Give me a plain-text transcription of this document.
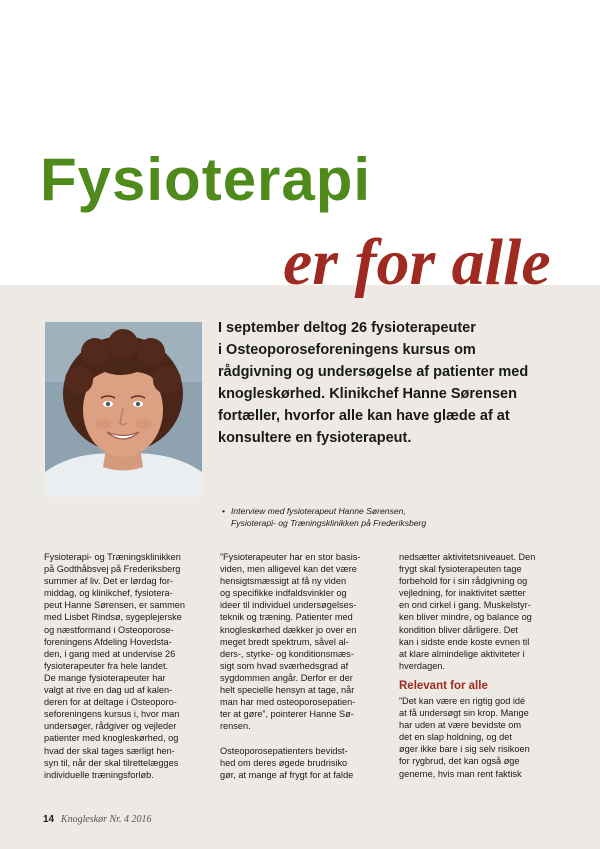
Fysioterapi
er for alle
I september deltog 26 fysioterapeuter
i Osteoporoseforeningens kursus om
rådgivning og undersøgelse af patienter med
knogleskørhed. Klinikchef Hanne Sørensen
fortæller, hvorfor alle kan have glæde af at
konsultere en fysioterapeut.
• Interview med fysioterapeut Hanne Sørensen,
Fysioterapi- og Træningsklinikken på Frederiksberg
Fysioterapi- og Træningsklinikken
på Godthåbsvej på Frederiksberg
summer af liv. Det er lørdag for-
middag, og klinikchef, fysiotera-
peut Hanne Sørensen, er sammen
med Lisbet Rindsø, sygeplejerske
og næstformand i Osteoporose-
foreningens Afdeling Hovedsta-
den, i gang med at undervise 26
fysioterapeuter fra hele landet.
De mange fysioterapeuter har
valgt at rive en dag ud af kalen-
deren for at deltage i Osteoporo-
seforeningens kursus i, hvor man
undersøger, rådgiver og vejleder
patienter med knogleskørhed, og
hvad der skal tages særligt hen-
syn til, når der skal tilrettelægges
individuelle træningsforløb.
”Fysioterapeuter har en stor basis-
viden, men alligevel kan det være
hensigtsmæssigt at få ny viden
og specifikke indfaldsvinkler og
ideer til individuel undersøgelses-
teknik og træning. Patienter med
knogleskørhed dækker jo over en
meget bredt spektrum, såvel al-
ders-, styrke- og konditionsmæs-
sigt som hvad sværhedsgrad af
sygdommen angår. Derfor er der
helt specielle hensyn at tage, når
man har med osteoporosepatien-
ter at gøre”, pointerer Hanne Sø-
rensen.
Osteoporosepatienters bevidst-
hed om deres øgede brudrisiko
gør, at mange af frygt for at falde
nedsætter aktivitetsniveauet. Den
frygt skal fysioterapeuten tage
forbehold for i sin rådgivning og
vejledning, for inaktivitet sætter
en ond cirkel i gang. Muskelstyr-
ken bliver mindre, og balance og
kondition bliver dårligere. Det
kan i sidste ende koste evnen til
at klare almindelige aktiviteter i
hverdagen.
Relevant for alle
”Det kan være en rigtig god idé
at få undersøgt sin krop. Mange
har uden at være bevidste om
det en slap holdning, og det
øger ikke bare i sig selv risikoen
for rygbrud, det kan også øge
generne, hvis man rent faktisk
14 Knogleskør Nr. 4 2016
